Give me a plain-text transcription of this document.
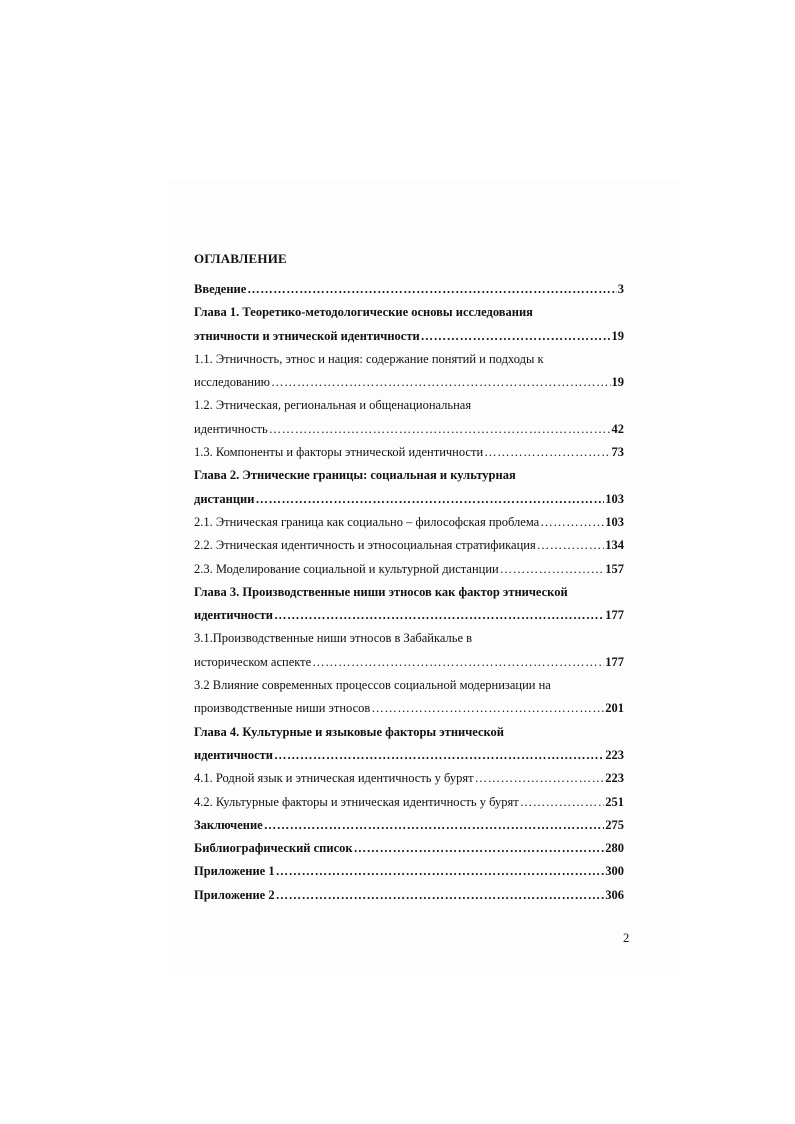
ОГЛАВЛЕНИЕ
Введение ………………………………………………………………………………………………………………………………………………………………………………	3
Глава 1. Теоретико-методологические основы исследования
этничности и этнической идентичности ………………………………………………………………………………………………………………………………………………………………………………	19
1.1. Этничность, этнос и нация: содержание понятий и подходы к
исследованию ………………………………………………………………………………………………………………………………………………………………………………	19
1.2. Этническая, региональная и общенациональная
идентичность ………………………………………………………………………………………………………………………………………………………………………………	42
1.3. Компоненты и факторы этнической идентичности ………………………………………………………………………………………………………………………………………………………………………………	73
Глава 2. Этнические границы: социальная и культурная
дистанции ………………………………………………………………………………………………………………………………………………………………………………	103
2.1. Этническая граница как социально – философская проблема ………………………………………………………………………………………………………………………………………………………………………………	103
2.2. Этническая идентичность и этносоциальная стратификация ………………………………………………………………………………………………………………………………………………………………………………	134
2.3. Моделирование социальной и культурной дистанции ………………………………………………………………………………………………………………………………………………………………………………	157
Глава 3. Производственные ниши этносов как фактор этнической
идентичности ………………………………………………………………………………………………………………………………………………………………………………	177
3.1.Производственные ниши этносов в Забайкалье в
историческом аспекте ………………………………………………………………………………………………………………………………………………………………………………	177
3.2 Влияние современных процессов социальной модернизации на
производственные ниши этносов ………………………………………………………………………………………………………………………………………………………………………………	201
Глава 4. Культурные и языковые факторы этнической
идентичности ………………………………………………………………………………………………………………………………………………………………………………	223
4.1. Родной язык и этническая идентичность у бурят ………………………………………………………………………………………………………………………………………………………………………………	223
4.2. Культурные факторы и этническая идентичность у бурят ………………………………………………………………………………………………………………………………………………………………………………	251
Заключение ………………………………………………………………………………………………………………………………………………………………………………	275
Библиографический список ………………………………………………………………………………………………………………………………………………………………………………	280
Приложение 1 ………………………………………………………………………………………………………………………………………………………………………………	300
Приложение 2 ………………………………………………………………………………………………………………………………………………………………………………	306
2
